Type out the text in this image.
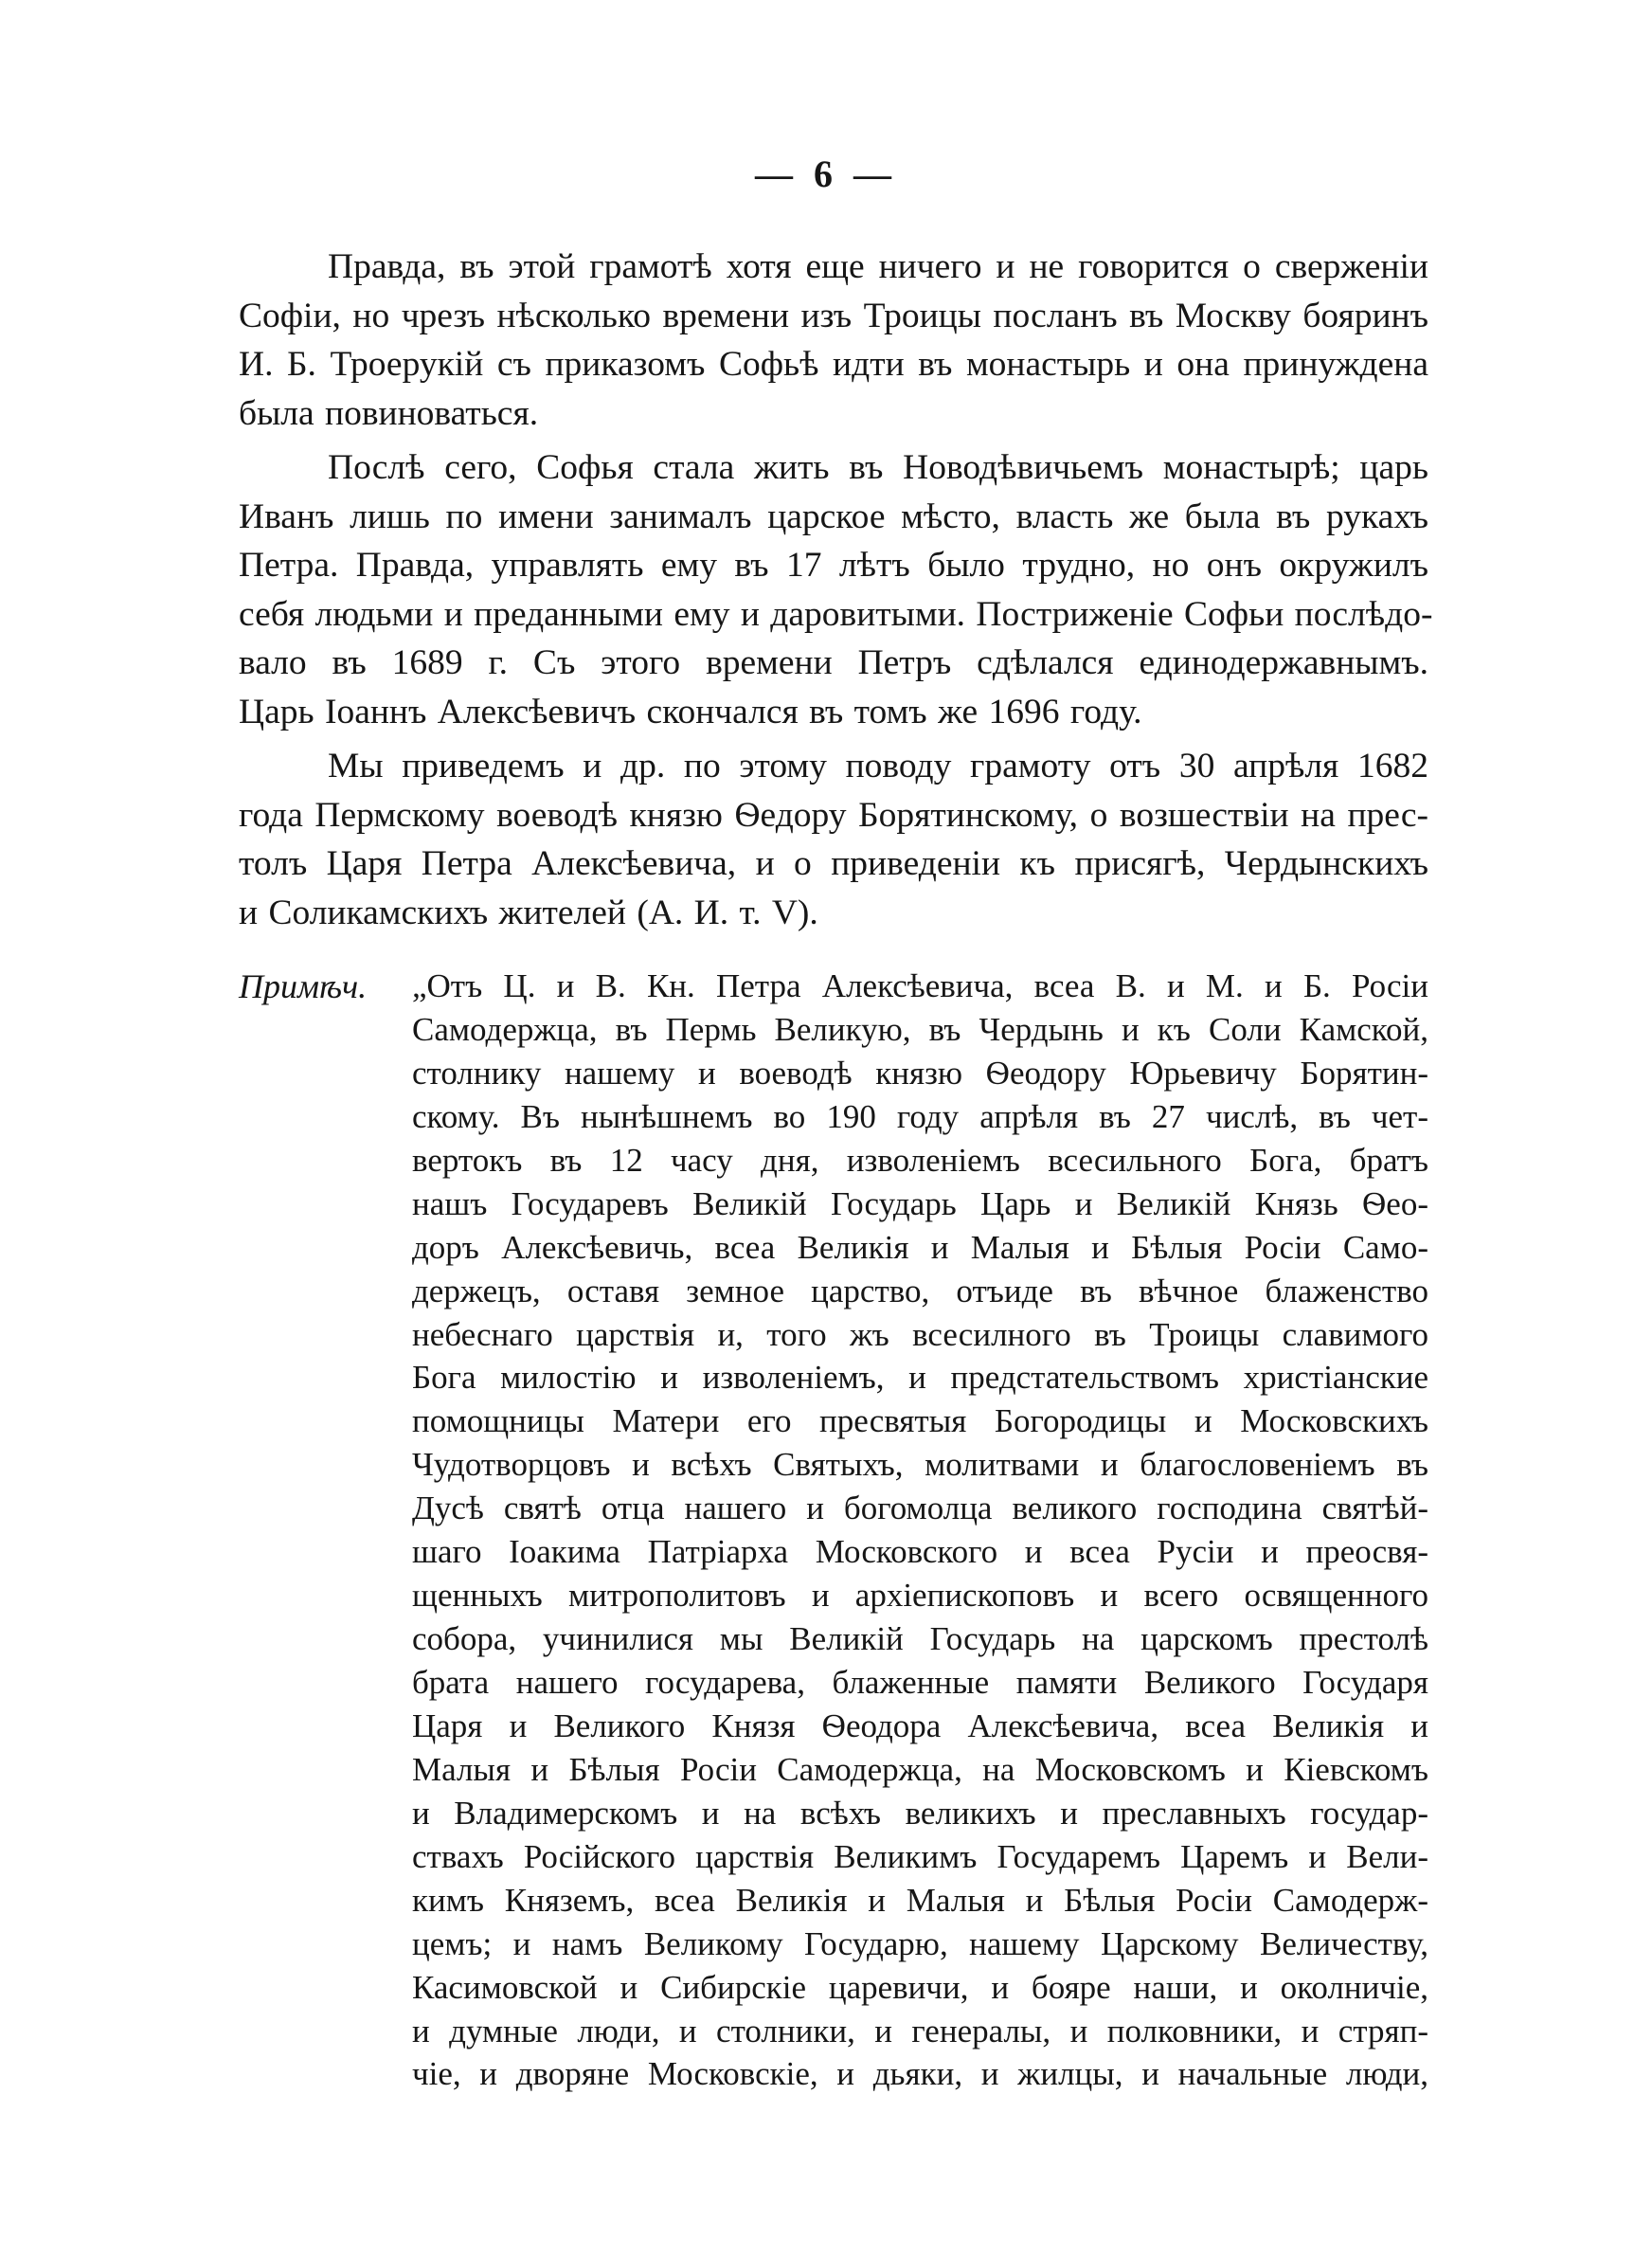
— 6 —
Правда, въ этой грамотѣ хотя еще ничего и не говорится о сверженіи
Софіи, но чрезъ нѣсколько времени изъ Троицы посланъ въ Москву бояринъ
И. Б. Троерукій съ приказомъ Софьѣ идти въ монастырь и она принуждена
была повиноваться.
Послѣ сего, Софья стала жить въ Новодѣвичьемъ монастырѣ; царь
Иванъ лишь по имени занималъ царское мѣсто, власть же была въ рукахъ
Петра. Правда, управлять ему въ 17 лѣтъ было трудно, но онъ окружилъ
себя людьми и преданными ему и даровитыми. Постриженіе Софьи послѣдо-
вало въ 1689 г. Съ этого времени Петръ сдѣлался единодержавнымъ.
Царь Іоаннъ Алексѣевичъ скончался въ томъ же 1696 году.
Мы приведемъ и др. по этому поводу грамоту отъ 30 апрѣля 1682
года Пермскому воеводѣ князю Ѳедору Борятинскому, о возшествіи на прес-
толъ Царя Петра Алексѣевича, и о приведеніи къ присягѣ, Чердынскихъ
и Соликамскихъ жителей (А. И. т. V).
Примѣч. „Отъ Ц. и В. Кн. Петра Алексѣевича, всеа В. и М. и Б. Росіи
Самодержца, въ Пермь Великую, въ Чердынь и къ Соли Камской,
столнику нашему и воеводѣ князю Ѳеодору Юрьевичу Борятин-
скому. Въ нынѣшнемъ во 190 году апрѣля въ 27 числѣ, въ чет-
вертокъ въ 12 часу дня, изволеніемъ всесильного Бога, братъ
нашъ Государевъ Великій Государь Царь и Великій Князь Ѳео-
доръ Алексѣевичь, всеа Великія и Малыя и Бѣлыя Росіи Само-
держецъ, оставя земное царство, отъиде въ вѣчное блаженство
небеснаго царствія и, того жъ всесилного въ Троицы славимого
Бога милостію и изволеніемъ, и предстательствомъ христіанские
помощницы Матери его пресвятыя Богородицы и Московскихъ
Чудотворцовъ и всѣхъ Святыхъ, молитвами и благословеніемъ въ
Дусѣ святѣ отца нашего и богомолца великого господина святѣй-
шаго Іоакима Патріарха Московского и всеа Русіи и преосвя-
щенныхъ митрополитовъ и архіепископовъ и всего освященного
собора, учинилися мы Великій Государь на царскомъ престолѣ
брата нашего государева, блаженные памяти Великого Государя
Царя и Великого Князя Ѳеодора Алексѣевича, всеа Великія и
Малыя и Бѣлыя Росіи Самодержца, на Московскомъ и Кіевскомъ
и Владимерскомъ и на всѣхъ великихъ и преславныхъ государ-
ствахъ Російского царствія Великимъ Государемъ Царемъ и Вели-
кимъ Княземъ, всеа Великія и Малыя и Бѣлыя Росіи Самодерж-
цемъ; и намъ Великому Государю, нашему Царскому Величеству,
Касимовской и Сибирскіе царевичи, и бояре наши, и околничіе,
и думные люди, и столники, и генералы, и полковники, и стряп-
чіе, и дворяне Московскіе, и дьяки, и жилцы, и начальные люди,
